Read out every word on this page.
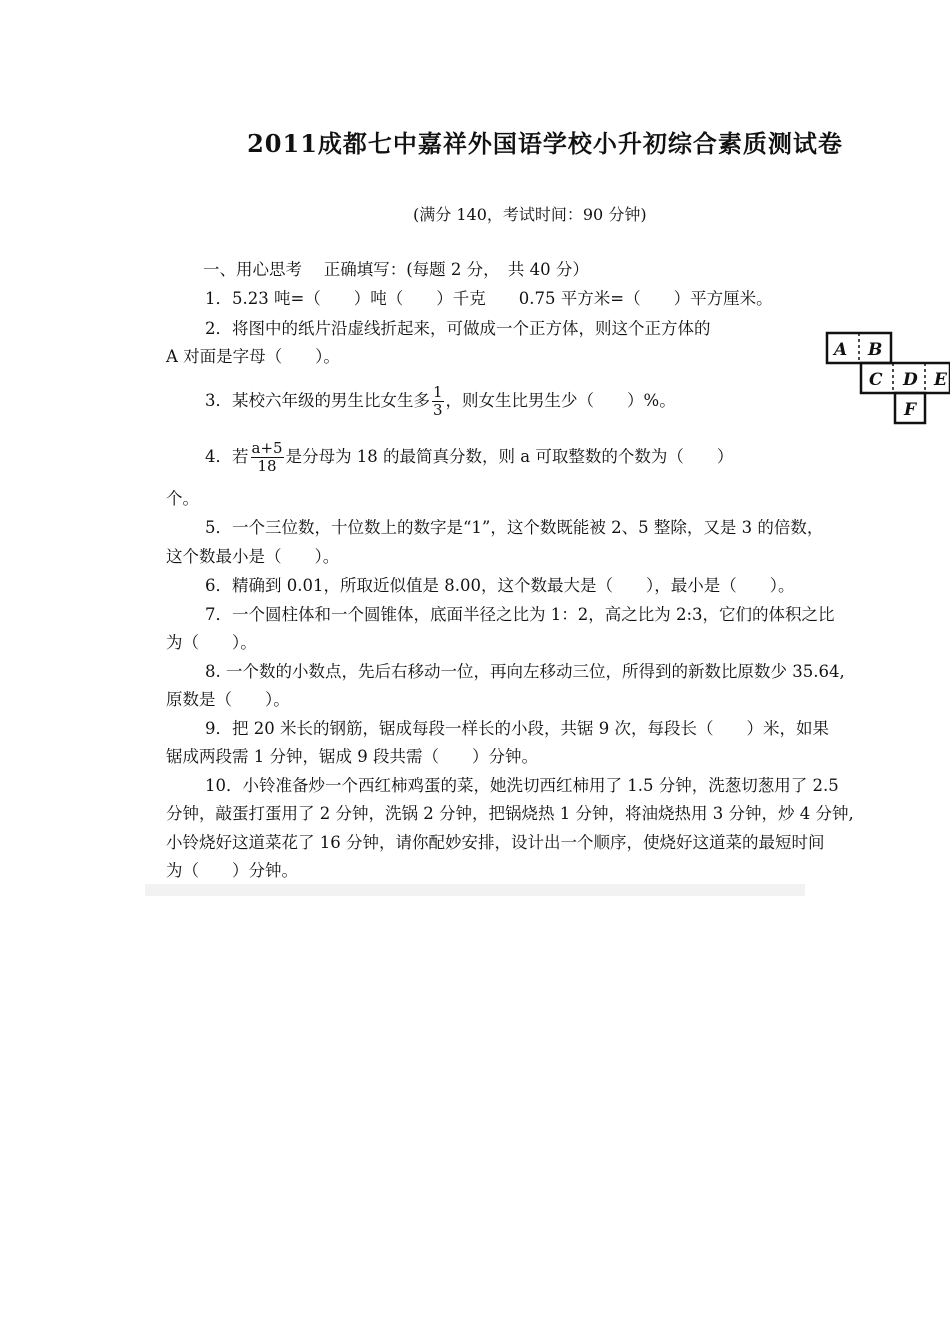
2011成都七中嘉祥外国语学校小升初综合素质测试卷
(满分 140，考试时间：90 分钟)
一、用心思考　 正确填写：(每题 2 分，　共 40 分）
1．5.23 吨=（　　）吨（　　）千克　　0.75 平方米=（　　）平方厘米。
2．将图中的纸片沿虚线折起来，可做成一个正方体，则这个正方体的
A 对面是字母（　　）。
3．某校六年级的男生比女生多 $\frac{1}{3}$ ，则女生比男生少（　　）%。
4．若 $\frac{a+5}{18}$ 是分母为 18 的最简真分数，则 a 可取整数的个数为（　　）
个。
5．一个三位数，十位数上的数字是“1”，这个数既能被 2、5 整除，又是 3 的倍数，
这个数最小是（　　）。
6．精确到 0.01，所取近似值是 8.00，这个数最大是（　　），最小是（　　）。
7．一个圆柱体和一个圆锥体，底面半径之比为 1：2，高之比为 2:3，它们的体积之比
为（　　）。
8. 一个数的小数点，先后右移动一位，再向左移动三位，所得到的新数比原数少 35.64,
原数是（　　）。
9．把 20 米长的钢筋，锯成每段一样长的小段，共锯 9 次，每段长（　　）米，如果
锯成两段需 1 分钟，锯成 9 段共需（　　）分钟。
10．小铃准备炒一个西红柿鸡蛋的菜，她洗切西红柿用了 1.5 分钟，洗葱切葱用了 2.5
分钟，敲蛋打蛋用了 2 分钟，洗锅 2 分钟，把锅烧热 1 分钟，将油烧热用 3 分钟，炒 4 分钟,
小铃烧好这道菜花了 16 分钟，请你配妙安排，设计出一个顺序，使烧好这道菜的最短时间
为（　　）分钟。
A B
C D E
F
